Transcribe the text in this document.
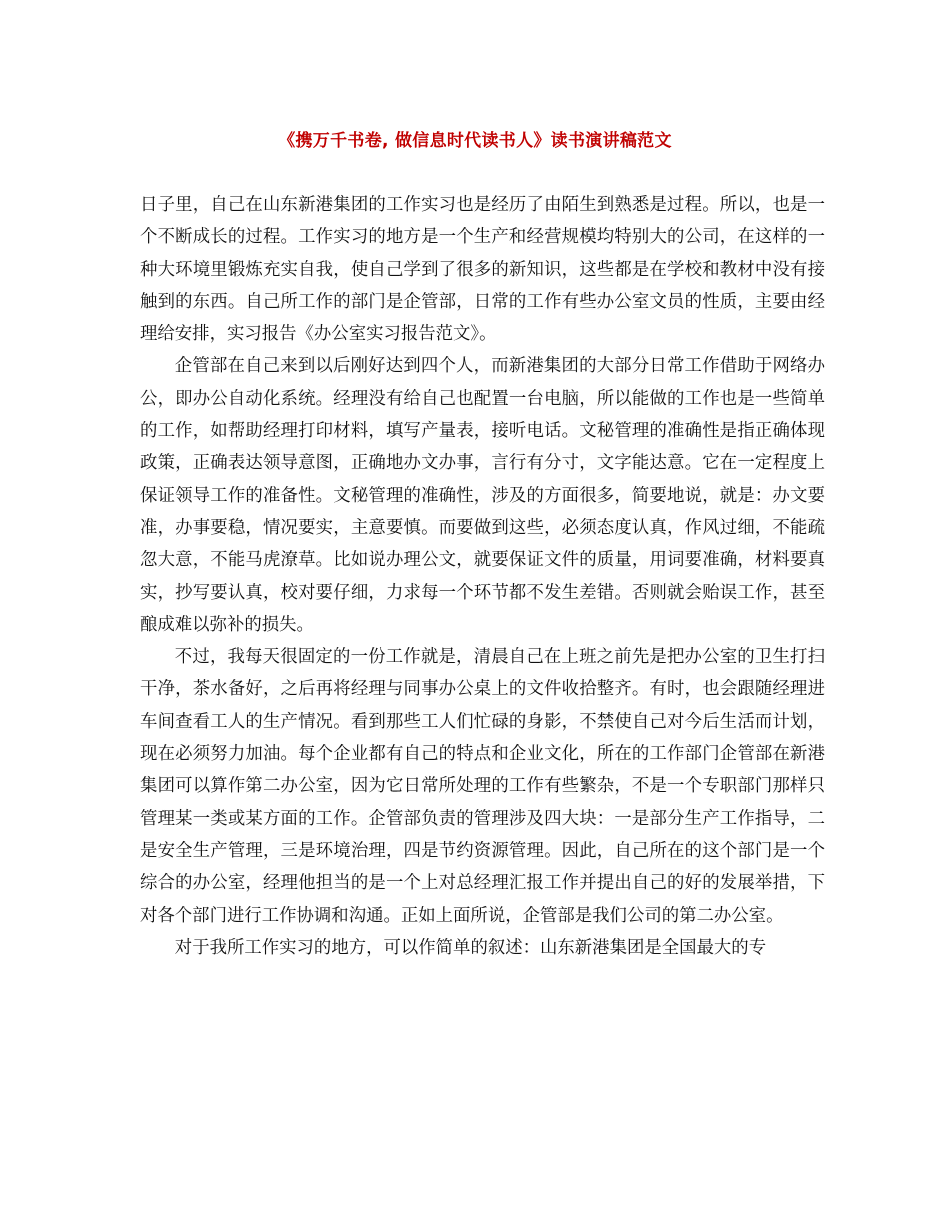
《携万千书卷, 做信息时代读书人》读书演讲稿范文

日子里，自己在山东新港集团的工作实习也是经历了由陌生到熟悉是过程。所以，也是一个不断成长的过程。工作实习的地方是一个生产和经营规模均特别大的公司，在这样的一种大环境里锻炼充实自我，使自己学到了很多的新知识，这些都是在学校和教材中没有接触到的东西。自己所工作的部门是企管部，日常的工作有些办公室文员的性质，主要由经理给安排，实习报告《办公室实习报告范文》。

企管部在自己来到以后刚好达到四个人，而新港集团的大部分日常工作借助于网络办公，即办公自动化系统。经理没有给自己也配置一台电脑，所以能做的工作也是一些简单的工作，如帮助经理打印材料，填写产量表，接听电话。文秘管理的准确性是指正确体现政策，正确表达领导意图，正确地办文办事，言行有分寸，文字能达意。它在一定程度上保证领导工作的准备性。文秘管理的准确性，涉及的方面很多，简要地说，就是：办文要准，办事要稳，情况要实，主意要慎。而要做到这些，必须态度认真，作风过细，不能疏忽大意，不能马虎潦草。比如说办理公文，就要保证文件的质量，用词要准确，材料要真实，抄写要认真，校对要仔细，力求每一个环节都不发生差错。否则就会贻误工作，甚至酿成难以弥补的损失。

不过，我每天很固定的一份工作就是，清晨自己在上班之前先是把办公室的卫生打扫干净，茶水备好，之后再将经理与同事办公桌上的文件收拾整齐。有时，也会跟随经理进车间查看工人的生产情况。看到那些工人们忙碌的身影，不禁使自己对今后生活而计划，现在必须努力加油。每个企业都有自己的特点和企业文化，所在的工作部门企管部在新港集团可以算作第二办公室，因为它日常所处理的工作有些繁杂，不是一个专职部门那样只管理某一类或某方面的工作。企管部负责的管理涉及四大块：一是部分生产工作指导，二是安全生产管理，三是环境治理，四是节约资源管理。因此，自己所在的这个部门是一个综合的办公室，经理他担当的是一个上对总经理汇报工作并提出自己的好的发展举措，下对各个部门进行工作协调和沟通。正如上面所说，企管部是我们公司的第二办公室。

对于我所工作实习的地方，可以作简单的叙述：山东新港集团是全国最大的专
